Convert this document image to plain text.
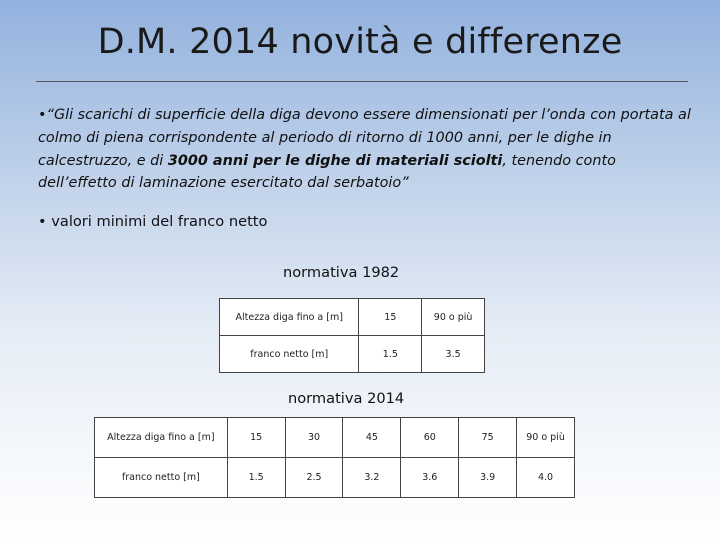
D.M. 2014 novità e differenze
•“Gli scarichi di superficie della diga devono essere dimensionati per l’onda con portata al colmo di piena corrispondente al periodo di ritorno di 1000 anni, per le dighe in calcestruzzo, e di 3000 anni per le dighe di materiali sciolti, tenendo conto dell’effetto di laminazione esercitato dal serbatoio”
• valori minimi del franco netto
normativa 1982
Altezza diga fino a [m]	15	90 o più
franco netto [m]	1.5	3.5
normativa 2014
Altezza diga fino a [m]	15	30	45	60	75	90 o più
franco netto [m]	1.5	2.5	3.2	3.6	3.9	4.0
